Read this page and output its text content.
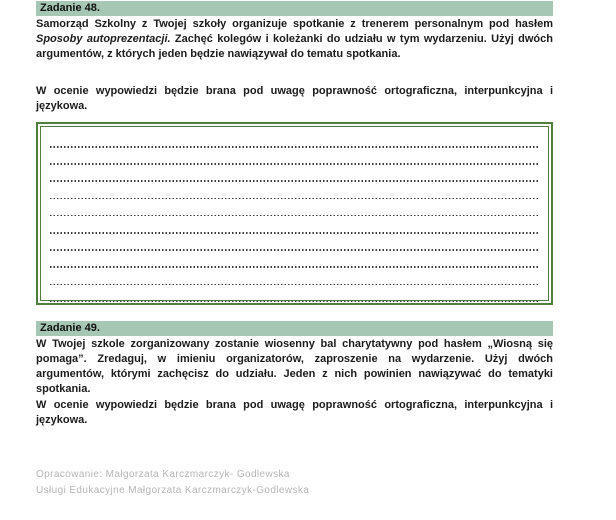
Zadanie 48.

Samorząd Szkolny z Twojej szkoły organizuje spotkanie z trenerem personalnym pod hasłem Sposoby autoprezentacji. Zachęć kolegów i koleżanki do udziału w tym wydarzeniu. Użyj dwóch argumentów, z których jeden będzie nawiązywał do tematu spotkania.

W ocenie wypowiedzi będzie brana pod uwagę poprawność ortograficzna, interpunkcyjna i językowa.

Zadanie 49.

W Twojej szkole zorganizowany zostanie wiosenny bal charytatywny pod hasłem „Wiosną się pomaga”. Zredaguj, w imieniu organizatorów, zaproszenie na wydarzenie. Użyj dwóch argumentów, którymi zachęcisz do udziału. Jeden z nich powinien nawiązywać do tematyki spotkania.

W ocenie wypowiedzi będzie brana pod uwagę poprawność ortograficzna, interpunkcyjna i językowa.

Opracowanie: Małgorzata Karczmarczyk- Godlewska
Usługi Edukacyjne Małgorzata Karczmarczyk-Godlewska
